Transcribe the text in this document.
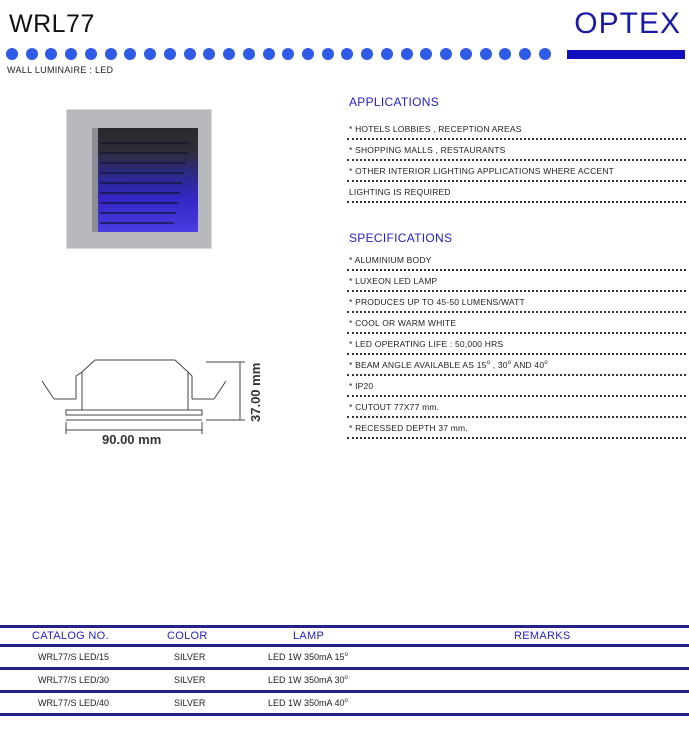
WRL77	OPTEX
WALL LUMINAIRE : LED
90.00 mm
37.00 mm
APPLICATIONS
* HOTELS LOBBIES , RECEPTION AREAS
* SHOPPING MALLS , RESTAURANTS
* OTHER INTERIOR LIGHTING APPLICATIONS WHERE ACCENT
LIGHTING IS REQUIRED
SPECIFICATIONS
* ALUMINIUM BODY
* LUXEON LED LAMP
* PRODUCES UP TO 45-50 LUMENS/WATT
* COOL OR WARM WHITE
* LED OPERATING LIFE : 50,000 HRS
* BEAM ANGLE AVAILABLE AS 15$^o$ , 30$^o$ AND 40$^o$
* IP20
* CUTOUT 77X77 mm.
* RECESSED DEPTH 37 mm.
CATALOG NO.	COLOR	LAMP	REMARKS
WRL77/S LED/15	SILVER	LED 1W 350mA 15$^o$
WRL77/S LED/30	SILVER	LED 1W 350mA 30$^o$
WRL77/S LED/40	SILVER	LED 1W 350mA 40$^o$
